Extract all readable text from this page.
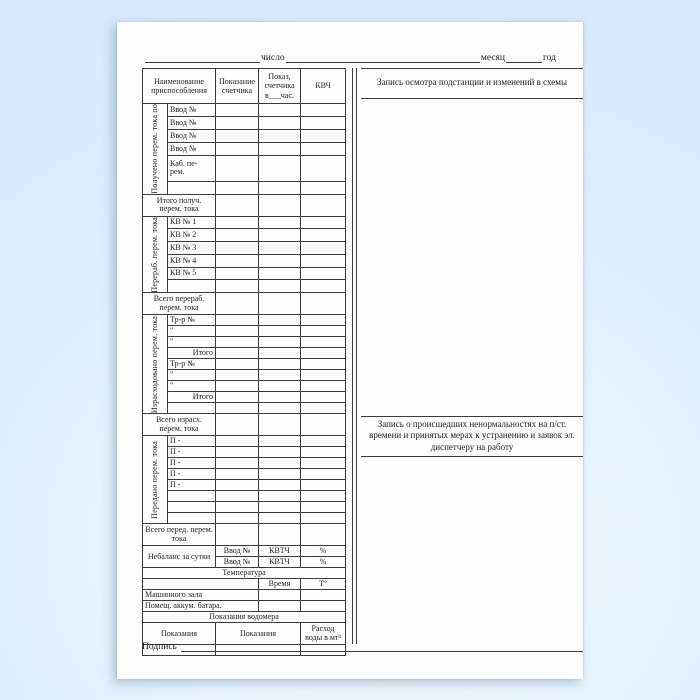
число	месяц	год
Наименование приспособления		Показание счетчика	Показ, счетчика в___час.	КВЧ

Получено перем. тока по	Ввод №			
	Ввод №			
	Ввод №			
	Ввод №			
	Каб. пе- рем.			

Итого получ. перем. тока				

Перераб. перем. тока	КВ № 1			
	КВ № 2			
	КВ № 3			
	КВ № 4			
	КВ № 5			

Всего перераб. перем. тока				

Израсходовано перем. тока	Тр-р №			
	"			
	"			
	Итого			
	Тр-р №			
	"			
	"			
	Итого			

Всего израсх. перем. тока				

Передано перем. тока	П -			
	П -			
	П -			
	П -			
	П -			

Всего перед. перем. тока				
Небаланс за сутки		Ввод №	КВТЧ	%
		Ввод №	КВТЧ	%
Температура				
			Время	Т°
Машинного зала				
Помещ. аккум. батара.				
Показания водомера				
Показания		Показания		Расход воды в мт³

Запись осмотра подстанции и изменений в схемы
Запись о происшедших ненормальностях на п/ст. времени и принятых мерах к устранению и заявок эл. диспетчеру на работу
Подпись
